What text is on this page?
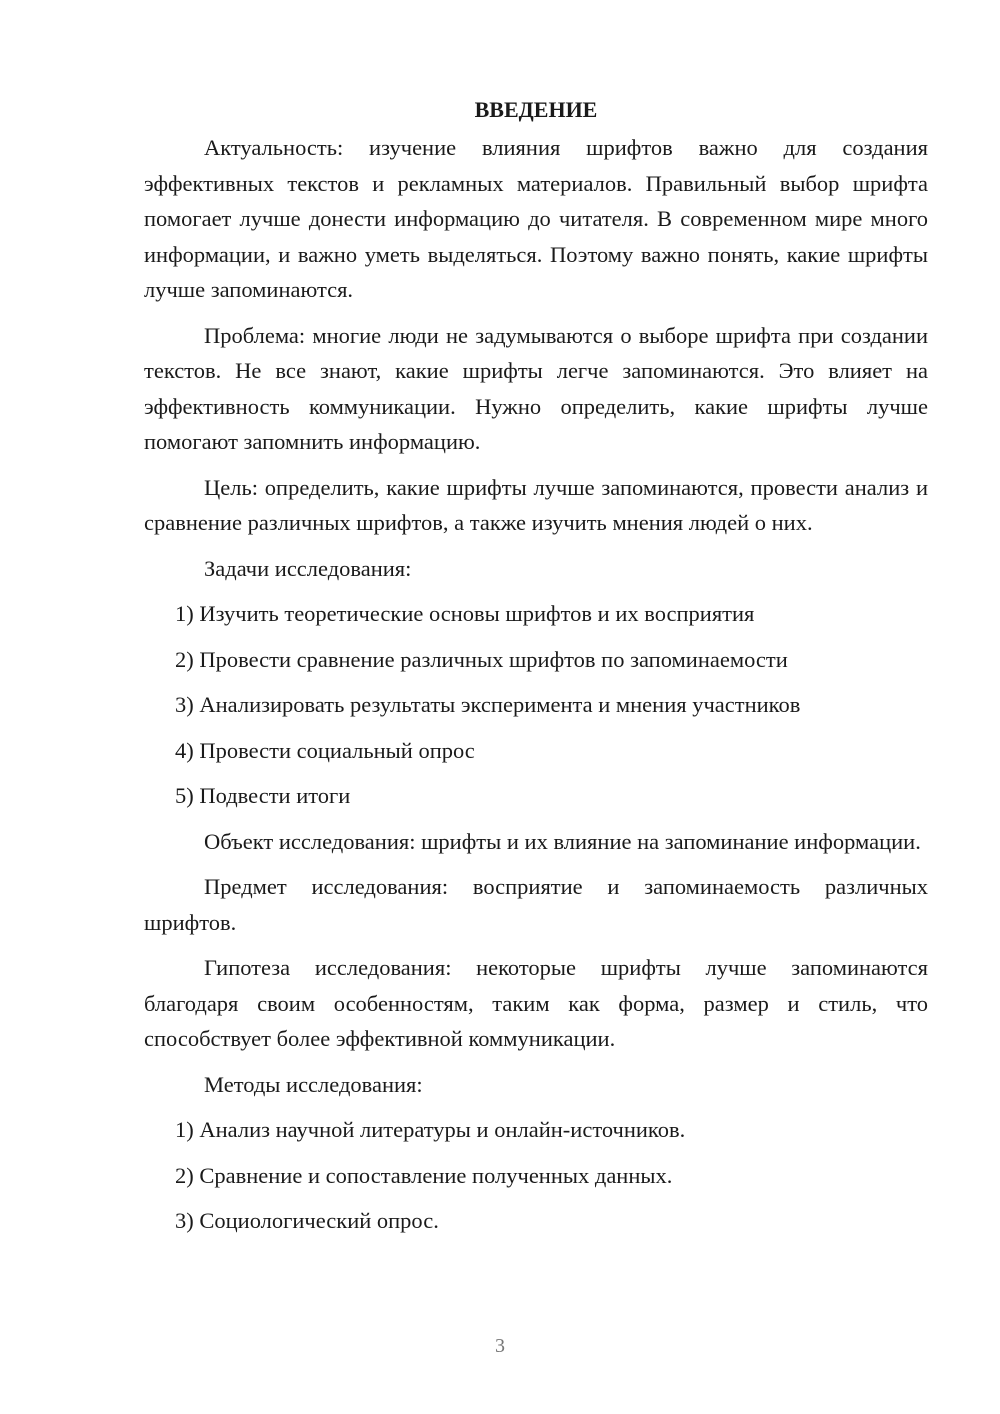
ВВЕДЕНИЕ

Актуальность: изучение влияния шрифтов важно для создания эффективных текстов и рекламных материалов. Правильный выбор шрифта помогает лучше донести информацию до читателя. В современном мире много информации, и важно уметь выделяться. Поэтому важно понять, какие шрифты лучше запоминаются.

Проблема: многие люди не задумываются о выборе шрифта при создании текстов. Не все знают, какие шрифты легче запоминаются. Это влияет на эффективность коммуникации. Нужно определить, какие шрифты лучше помогают запомнить информацию.

Цель: определить, какие шрифты лучше запоминаются, провести анализ и сравнение различных шрифтов, а также изучить мнения людей о них.

Задачи исследования:

1) Изучить теоретические основы шрифтов и их восприятия
2) Провести сравнение различных шрифтов по запоминаемости
3) Анализировать результаты эксперимента и мнения участников
4) Провести социальный опрос
5) Подвести итоги

Объект исследования: шрифты и их влияние на запоминание информации.

Предмет исследования: восприятие и запоминаемость различных шрифтов.

Гипотеза исследования: некоторые шрифты лучше запоминаются благодаря своим особенностям, таким как форма, размер и стиль, что способствует более эффективной коммуникации.

Методы исследования:

1) Анализ научной литературы и онлайн-источников.
2) Сравнение и сопоставление полученных данных.
3) Социологический опрос.
3
